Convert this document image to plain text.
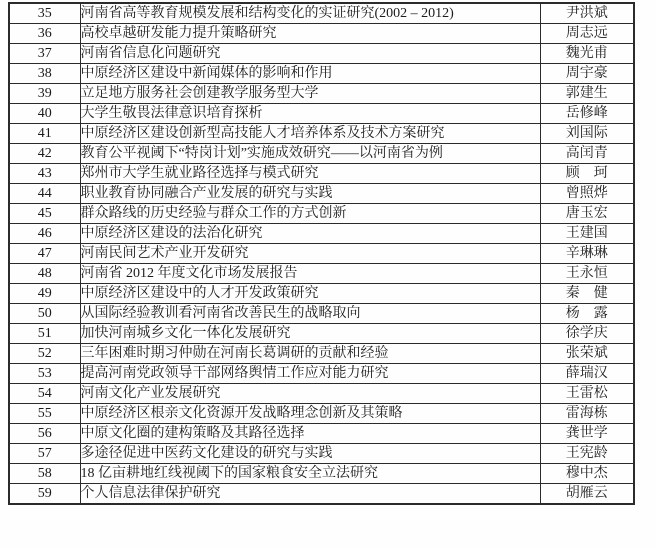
35	河南省高等教育规模发展和结构变化的实证研究(2002 – 2012)	尹洪斌
36	高校卓越研发能力提升策略研究	周志远
37	河南省信息化问题研究	魏光甫
38	中原经济区建设中新闻媒体的影响和作用	周宇豪
39	立足地方服务社会创建教学服务型大学	郭建生
40	大学生敬畏法律意识培育探析	岳修峰
41	中原经济区建设创新型高技能人才培养体系及技术方案研究	刘国际
42	教育公平视阈下“特岗计划”实施成效研究——以河南省为例	高闰青
43	郑州市大学生就业路径选择与模式研究	顾　珂
44	职业教育协同融合产业发展的研究与实践	曾照烨
45	群众路线的历史经验与群众工作的方式创新	唐玉宏
46	中原经济区建设的法治化研究	王建国
47	河南民间艺术产业开发研究	辛琳琳
48	河南省 2012 年度文化市场发展报告	王永恒
49	中原经济区建设中的人才开发政策研究	秦　健
50	从国际经验教训看河南省改善民生的战略取向	杨　露
51	加快河南城乡文化一体化发展研究	徐学庆
52	三年困难时期习仲勋在河南长葛调研的贡献和经验	张荣斌
53	提高河南党政领导干部网络舆情工作应对能力研究	薛瑞汉
54	河南文化产业发展研究	王雷松
55	中原经济区根亲文化资源开发战略理念创新及其策略	雷海栋
56	中原文化圈的建构策略及其路径选择	龚世学
57	多途径促进中医药文化建设的研究与实践	王宪龄
58	18 亿亩耕地红线视阈下的国家粮食安全立法研究	穆中杰
59	个人信息法律保护研究	胡雁云
